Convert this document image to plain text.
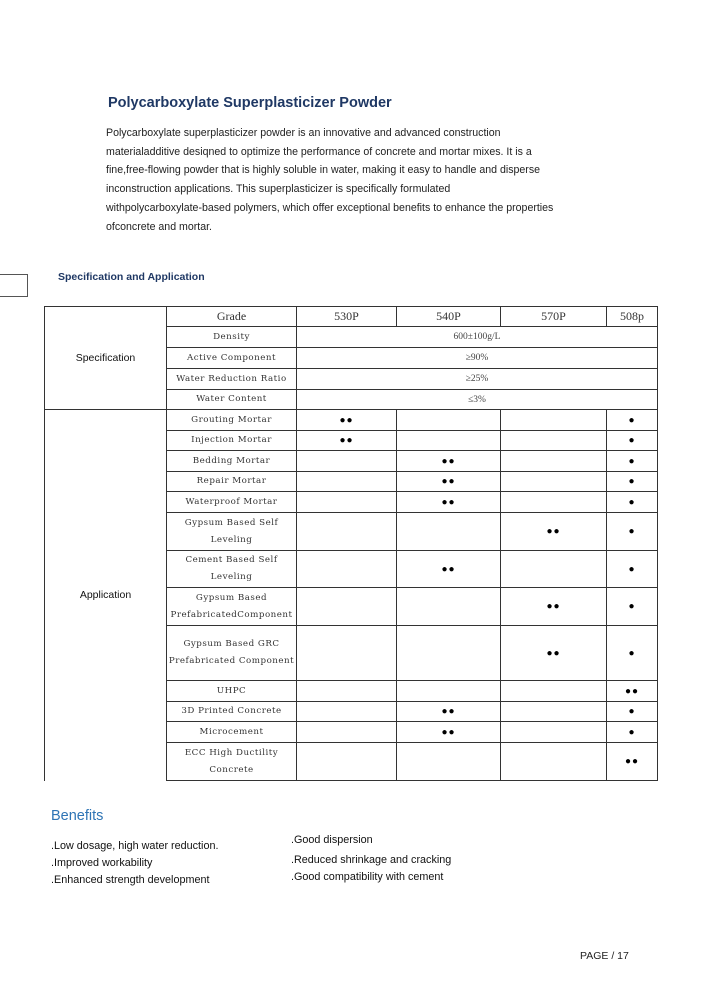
Polycarboxylate Superplasticizer Powder
Polycarboxylate superplasticizer powder is an innovative and advanced construction
materialadditive desiqned to optimize the performance of concrete and mortar mixes. It is a
fine,free-flowing powder that is highly soluble in water, making it easy to handle and disperse
inconstruction applications. This superplasticizer is specifically formulated
withpolycarboxylate-based polymers, which offer exceptional benefits to enhance the properties
ofconcrete and mortar.
Specification and Application
Specification	Grade	530P	540P	570P	508p
	Density	600±100g/L			
	Active Component	≥90%			
	Water Reduction Ratio	≥25%			
	Water Content	≤3%			
Application	Grouting Mortar	●●			●
	Injection Mortar	●●			●
	Bedding Mortar		●●		●
	Repair Mortar		●●		●
	Waterproof Mortar		●●		●
	Gypsum Based Self Leveling			●●	●
	Cement Based Self Leveling		●●		●
	Gypsum Based PrefabricatedComponent			●●	●
	Gypsum Based GRC Prefabricated Component			●●	●
	UHPC				●●
	3D Printed Concrete		●●		●
	Microcement		●●		●
	ECC High Ductility Concrete				●●
Benefits
.Low dosage, high water reduction.
.Improved workability
.Enhanced strength development
.Good dispersion
.Reduced shrinkage and cracking
.Good compatibility with cement
PAGE / 17
